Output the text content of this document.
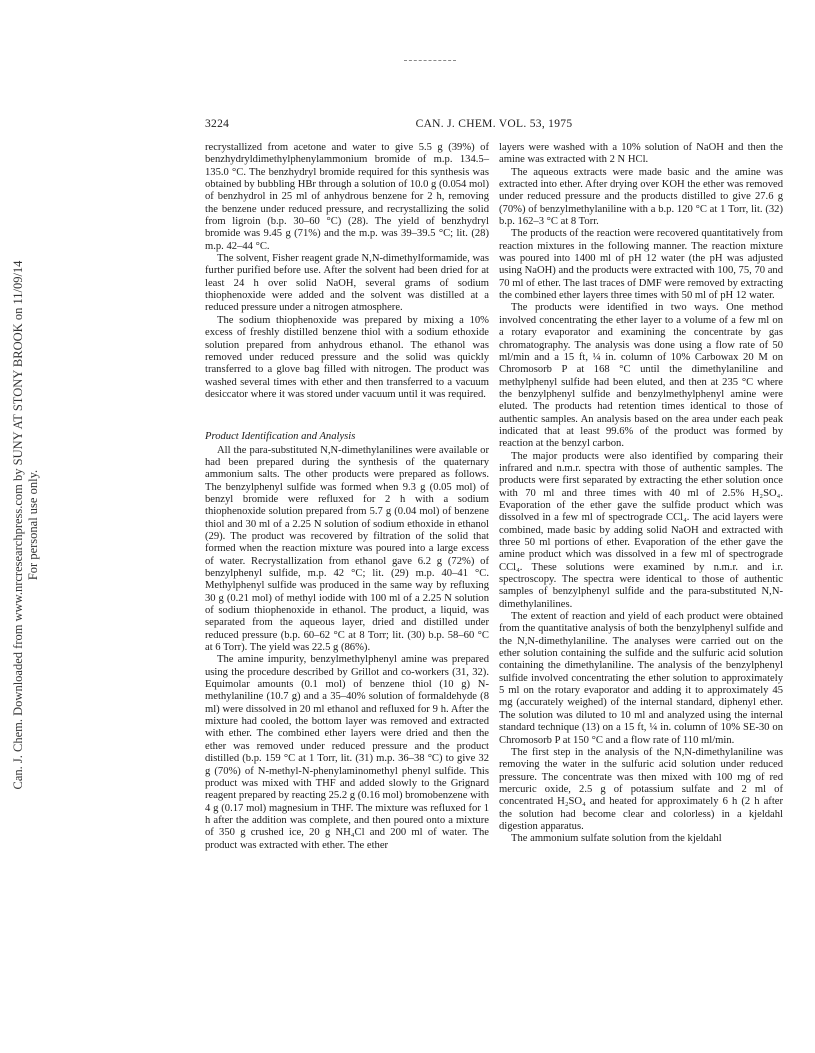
Can. J. Chem. Downloaded from www.nrcresearchpress.com by SUNY AT STONY BROOK on 11/09/14 For personal use only.
3224	CAN. J. CHEM. VOL. 53, 1975

recrystallized from acetone and water to give 5.5 g (39%) of benzhydryldimethylphenylammonium bromide of m.p. 134.5–135.0 °C. The benzhydryl bromide required for this synthesis was obtained by bubbling HBr through a solution of 10.0 g (0.054 mol) of benzhydrol in 25 ml of anhydrous benzene for 2 h, removing the benzene under reduced pressure, and recrystallizing the solid from ligroin (b.p. 30–60 °C) (28). The yield of benzhydryl bromide was 9.45 g (71%) and the m.p. was 39–39.5 °C; lit. (28) m.p. 42–44 °C.

The solvent, Fisher reagent grade N,N-dimethylformamide, was further purified before use. After the solvent had been dried for at least 24 h over solid NaOH, several grams of sodium thiophenoxide were added and the solvent was distilled at a reduced pressure under a nitrogen atmosphere.

The sodium thiophenoxide was prepared by mixing a 10% excess of freshly distilled benzene thiol with a sodium ethoxide solution prepared from anhydrous ethanol. The ethanol was removed under reduced pressure and the solid was quickly transferred to a glove bag filled with nitrogen. The product was washed several times with ether and then transferred to a vacuum desiccator where it was stored under vacuum until it was required.

Product Identification and Analysis

All the para-substituted N,N-dimethylanilines were available or had been prepared during the synthesis of the quaternary ammonium salts. The other products were prepared as follows. The benzylphenyl sulfide was formed when 9.3 g (0.05 mol) of benzyl bromide were refluxed for 2 h with a sodium thiophenoxide solution prepared from 5.7 g (0.04 mol) of benzene thiol and 30 ml of a 2.25 N solution of sodium ethoxide in ethanol (29). The product was recovered by filtration of the solid that formed when the reaction mixture was poured into a large excess of water. Recrystallization from ethanol gave 6.2 g (72%) of benzylphenyl sulfide, m.p. 42 °C; lit. (29) m.p. 40–41 °C. Methylphenyl sulfide was produced in the same way by refluxing 30 g (0.21 mol) of methyl iodide with 100 ml of a 2.25 N solution of sodium thiophenoxide in ethanol. The product, a liquid, was separated from the aqueous layer, dried and distilled under reduced pressure (b.p. 60–62 °C at 8 Torr; lit. (30) b.p. 58–60 °C at 6 Torr). The yield was 22.5 g (86%).

The amine impurity, benzylmethylphenyl amine was prepared using the procedure described by Grillot and co-workers (31, 32). Equimolar amounts (0.1 mol) of benzene thiol (10 g) N-methylaniline (10.7 g) and a 35–40% solution of formaldehyde (8 ml) were dissolved in 20 ml ethanol and refluxed for 9 h. After the mixture had cooled, the bottom layer was removed and extracted with ether. The combined ether layers were dried and then the ether was removed under reduced pressure and the product distilled (b.p. 159 °C at 1 Torr, lit. (31) m.p. 36–38 °C) to give 32 g (70%) of N-methyl-N-phenylaminomethyl phenyl sulfide. This product was mixed with THF and added slowly to the Grignard reagent prepared by reacting 25.2 g (0.16 mol) bromobenzene with 4 g (0.17 mol) magnesium in THF. The mixture was refluxed for 1 h after the addition was complete, and then poured onto a mixture of 350 g crushed ice, 20 g NH₄Cl and 200 ml of water. The product was extracted with ether. The ether

layers were washed with a 10% solution of NaOH and then the amine was extracted with 2 N HCl.

The aqueous extracts were made basic and the amine was extracted into ether. After drying over KOH the ether was removed under reduced pressure and the products distilled to give 27.6 g (70%) of benzylmethylaniline with a b.p. 120 °C at 1 Torr, lit. (32) b.p. 162–3 °C at 8 Torr.

The products of the reaction were recovered quantitatively from reaction mixtures in the following manner. The reaction mixture was poured into 1400 ml of pH 12 water (the pH was adjusted using NaOH) and the products were extracted with 100, 75, 70 and 70 ml of ether. The last traces of DMF were removed by extracting the combined ether layers three times with 50 ml of pH 12 water.

The products were identified in two ways. One method involved concentrating the ether layer to a volume of a few ml on a rotary evaporator and examining the concentrate by gas chromatography. The analysis was done using a flow rate of 50 ml/min and a 15 ft, ¼ in. column of 10% Carbowax 20 M on Chromosorb P at 168 °C until the dimethylaniline and methylphenyl sulfide had been eluted, and then at 235 °C where the benzylphenyl sulfide and benzylmethylphenyl amine were eluted. The products had retention times identical to those of authentic samples. An analysis based on the area under each peak indicated that at least 99.6% of the product was formed by reaction at the benzyl carbon.

The major products were also identified by comparing their infrared and n.m.r. spectra with those of authentic samples. The products were first separated by extracting the ether solution once with 70 ml and three times with 40 ml of 2.5% H₂SO₄. Evaporation of the ether gave the sulfide product which was dissolved in a few ml of spectrograde CCl₄. The acid layers were combined, made basic by adding solid NaOH and extracted with three 50 ml portions of ether. Evaporation of the ether gave the amine product which was dissolved in a few ml of spectrograde CCl₄. These solutions were examined by n.m.r. and i.r. spectroscopy. The spectra were identical to those of authentic samples of benzylphenyl sulfide and the para-substituted N,N-dimethylanilines.

The extent of reaction and yield of each product were obtained from the quantitative analysis of both the benzylphenyl sulfide and the N,N-dimethylaniline. The analyses were carried out on the ether solution containing the sulfide and the sulfuric acid solution containing the dimethylaniline. The analysis of the benzylphenyl sulfide involved concentrating the ether solution to approximately 5 ml on the rotary evaporator and adding it to approximately 45 mg (accurately weighed) of the internal standard, diphenyl ether. The solution was diluted to 10 ml and analyzed using the internal standard technique (13) on a 15 ft, ¼ in. column of 10% SE-30 on Chromosorb P at 150 °C and a flow rate of 110 ml/min.

The first step in the analysis of the N,N-dimethylaniline was removing the water in the sulfuric acid solution under reduced pressure. The concentrate was then mixed with 100 mg of red mercuric oxide, 2.5 g of potassium sulfate and 2 ml of concentrated H₂SO₄ and heated for approximately 6 h (2 h after the solution had become clear and colorless) in a kjeldahl digestion apparatus.

The ammonium sulfate solution from the kjeldahl
